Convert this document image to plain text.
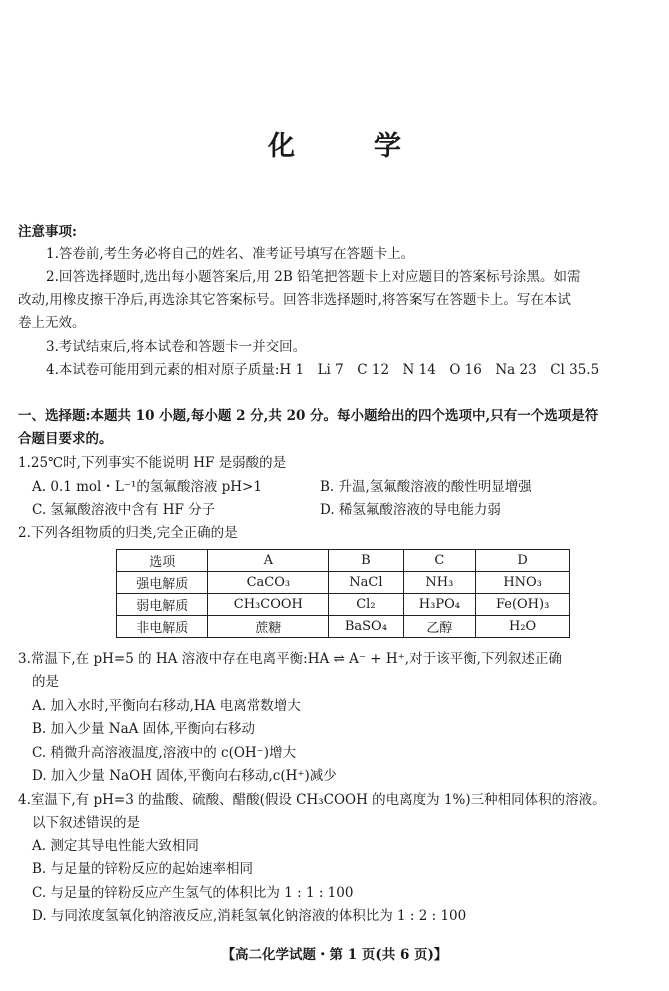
化　学
注意事项:
1.答卷前,考生务必将自己的姓名、准考证号填写在答题卡上。
2.回答选择题时,选出每小题答案后,用 2B 铅笔把答题卡上对应题目的答案标号涂黑。如需
改动,用橡皮擦干净后,再选涂其它答案标号。回答非选择题时,将答案写在答题卡上。写在本试
卷上无效。
3.考试结束后,将本试卷和答题卡一并交回。
4.本试卷可能用到元素的相对原子质量:H 1　Li 7　C 12　N 14　O 16　Na 23　Cl 35.5
一、选择题:本题共 10 小题,每小题 2 分,共 20 分。每小题给出的四个选项中,只有一个选项是符
合题目要求的。
1.25℃时,下列事实不能说明 HF 是弱酸的是
A. 0.1 mol・L⁻¹的氢氟酸溶液 pH>1	B. 升温,氢氟酸溶液的酸性明显增强
C. 氢氟酸溶液中含有 HF 分子	D. 稀氢氟酸溶液的导电能力弱
2.下列各组物质的归类,完全正确的是
选项	A	B	C	D
强电解质	CaCO₃	NaCl	NH₃	HNO₃
弱电解质	CH₃COOH	Cl₂	H₃PO₄	Fe(OH)₃
非电解质	蔗糖	BaSO₄	乙醇	H₂O
3.常温下,在 pH=5 的 HA 溶液中存在电离平衡:HA ⇌ A⁻ + H⁺,对于该平衡,下列叙述正确
的是
A. 加入水时,平衡向右移动,HA 电离常数增大
B. 加入少量 NaA 固体,平衡向右移动
C. 稍微升高溶液温度,溶液中的 c(OH⁻)增大
D. 加入少量 NaOH 固体,平衡向右移动,c(H⁺)减少
4.室温下,有 pH=3 的盐酸、硫酸、醋酸(假设 CH₃COOH 的电离度为 1%)三种相同体积的溶液。
以下叙述错误的是
A. 测定其导电性能大致相同
B. 与足量的锌粉反应的起始速率相同
C. 与足量的锌粉反应产生氢气的体积比为 1 : 1 : 100
D. 与同浓度氢氧化钠溶液反应,消耗氢氧化钠溶液的体积比为 1 : 2 : 100
【高二化学试题・第 1 页(共 6 页)】
